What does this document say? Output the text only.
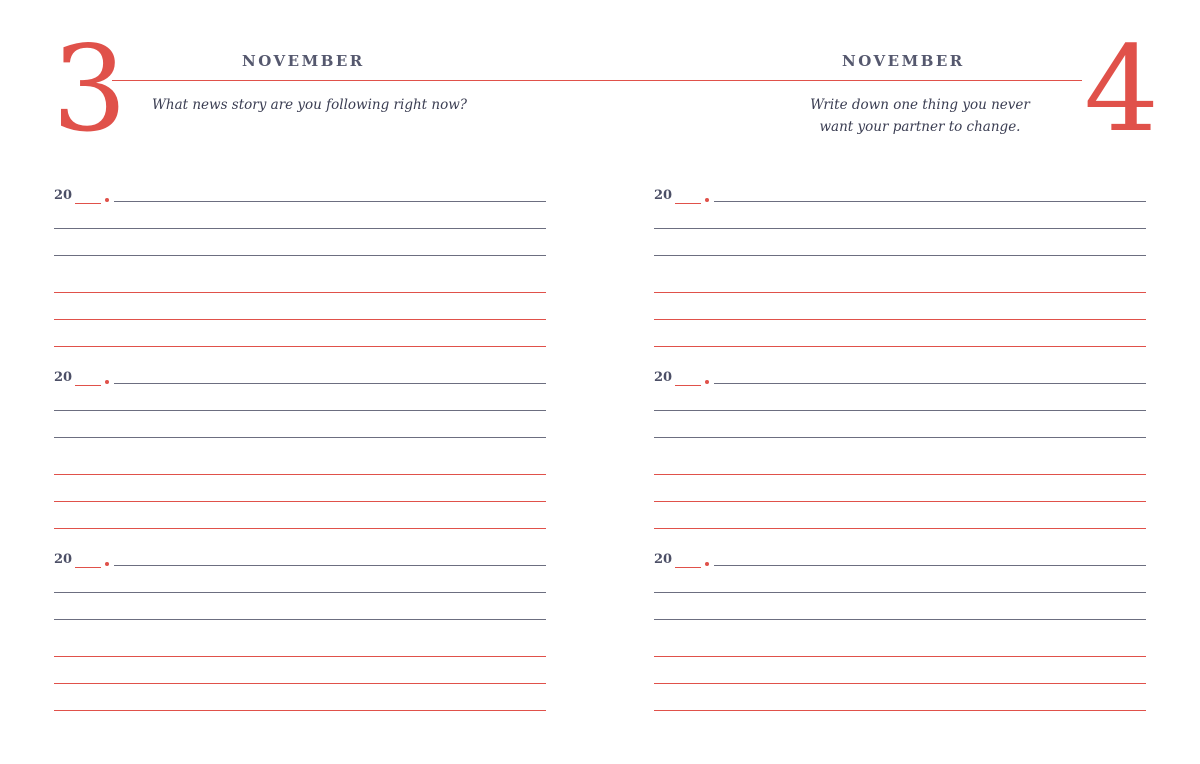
3	NOVEMBER
What news story are you following right now?
20
20
20
4
NOVEMBER
Write down one thing you never
want your partner to change.
20
20
20
